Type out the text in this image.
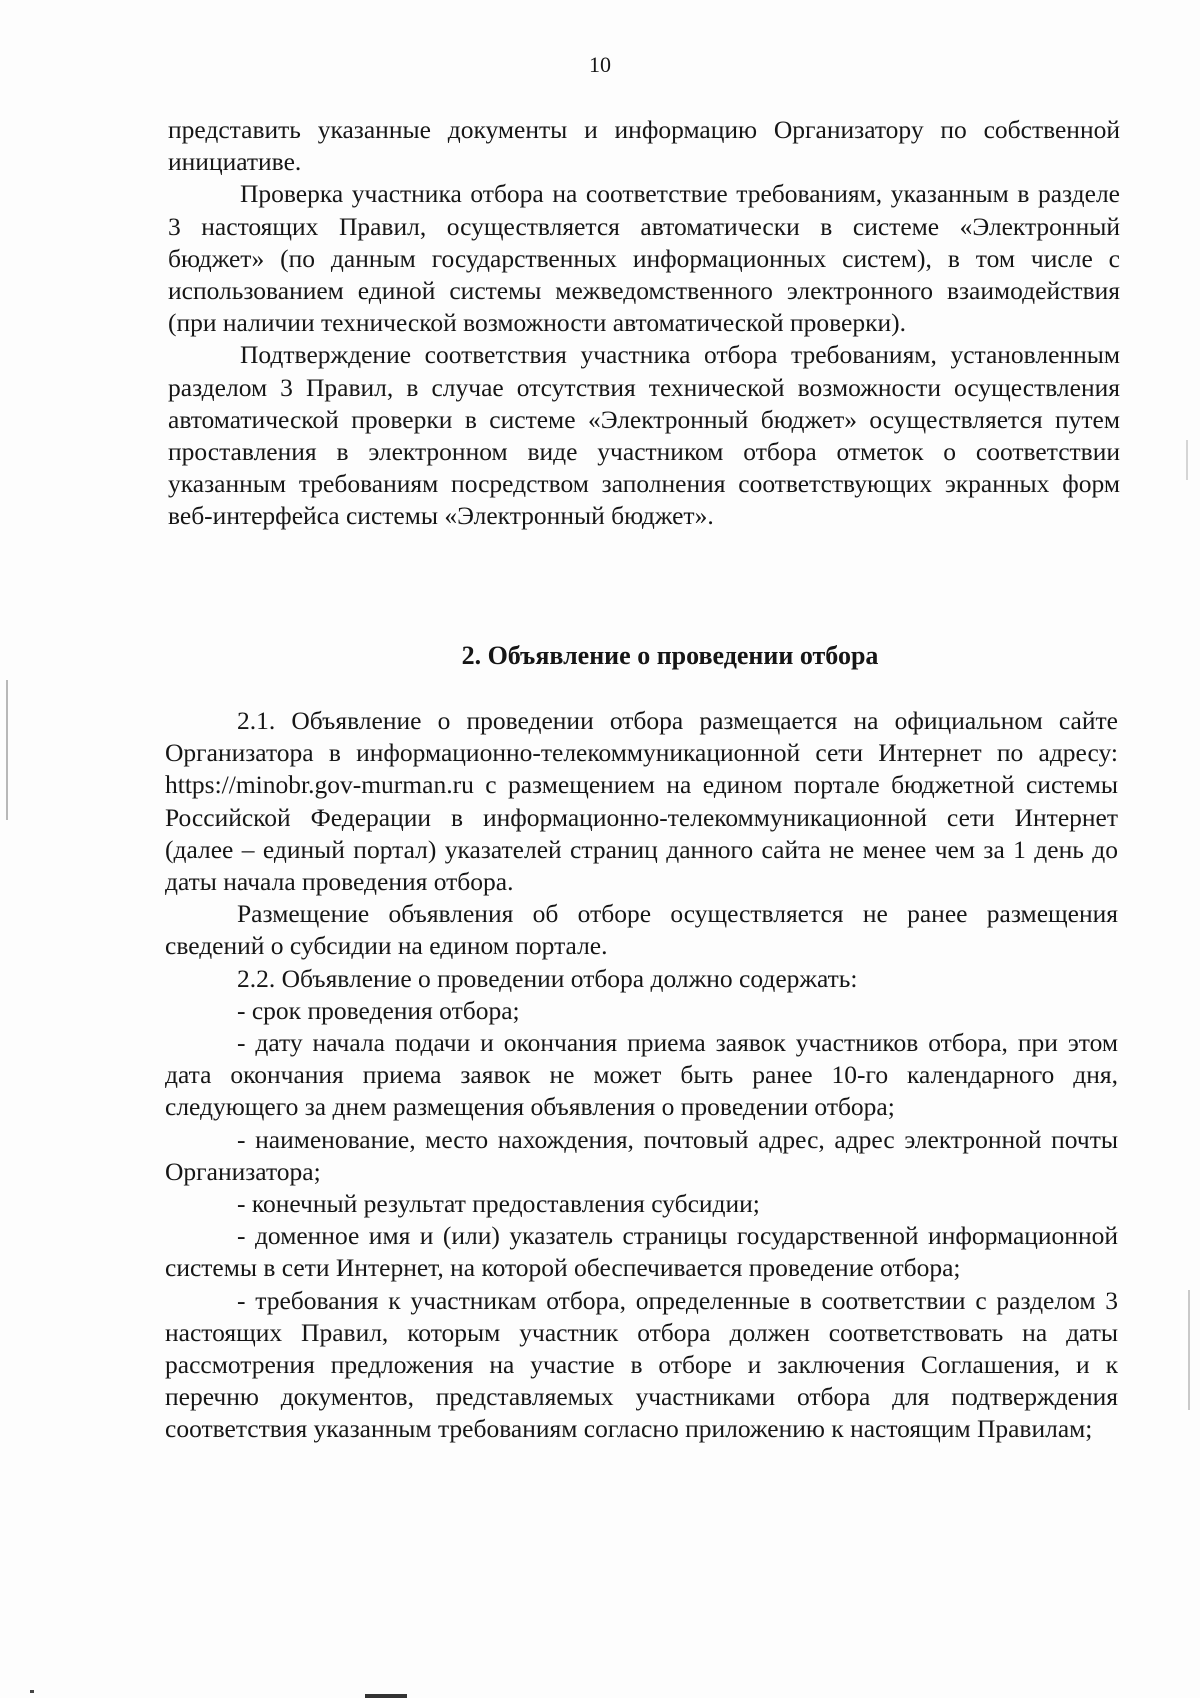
10

представить указанные документы и информацию Организатору по собственной инициативе.

Проверка участника отбора на соответствие требованиям, указанным в разделе 3 настоящих Правил, осуществляется автоматически в системе «Электронный бюджет» (по данным государственных информационных систем), в том числе с использованием единой системы межведомственного электронного взаимодействия (при наличии технической возможности автоматической проверки).

Подтверждение соответствия участника отбора требованиям, установленным разделом 3 Правил, в случае отсутствия технической возможности осуществления автоматической проверки в системе «Электронный бюджет» осуществляется путем проставления в электронном виде участником отбора отметок о соответствии указанным требованиям посредством заполнения соответствующих экранных форм веб-интерфейса системы «Электронный бюджет».

2. Объявление о проведении отбора

2.1. Объявление о проведении отбора размещается на официальном сайте Организатора в информационно-телекоммуникационной сети Интернет по адресу: https://minobr.gov-murman.ru с размещением на едином портале бюджетной системы Российской Федерации в информационно-телекоммуникационной сети Интернет (далее – единый портал) указателей страниц данного сайта не менее чем за 1 день до даты начала проведения отбора.

Размещение объявления об отборе осуществляется не ранее размещения сведений о субсидии на едином портале.

2.2. Объявление о проведении отбора должно содержать:

- срок проведения отбора;

- дату начала подачи и окончания приема заявок участников отбора, при этом дата окончания приема заявок не может быть ранее 10-го календарного дня, следующего за днем размещения объявления о проведении отбора;

- наименование, место нахождения, почтовый адрес, адрес электронной почты Организатора;

- конечный результат предоставления субсидии;

- доменное имя и (или) указатель страницы государственной информационной системы в сети Интернет, на которой обеспечивается проведение отбора;

- требования к участникам отбора, определенные в соответствии с разделом 3 настоящих Правил, которым участник отбора должен соответствовать на даты рассмотрения предложения на участие в отборе и заключения Соглашения, и к перечню документов, представляемых участниками отбора для подтверждения соответствия указанным требованиям согласно приложению к настоящим Правилам;
